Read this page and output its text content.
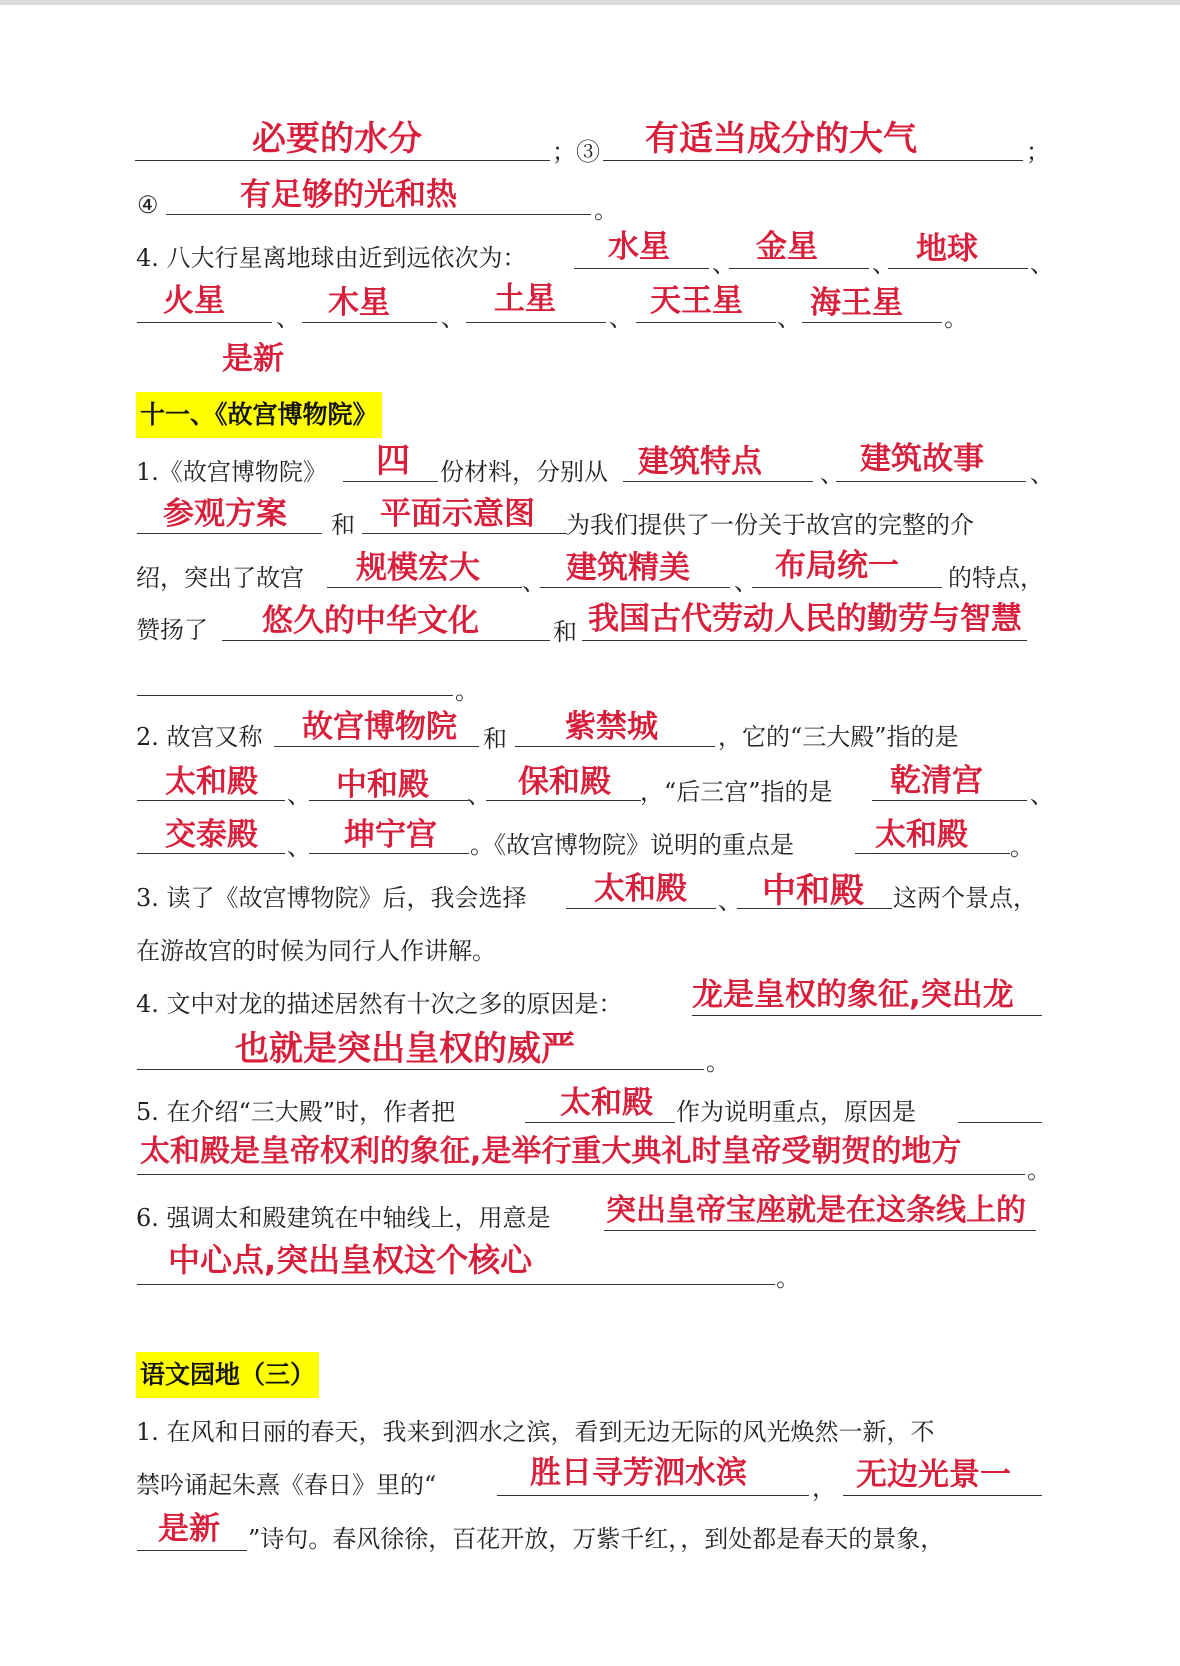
必要的水分	；③ 有适当成分的大气	；
④	有足够的光和热	。
4. 八大行星离地球由近到远依次为：	水星 、 金星 、 地球 、
火星 、 木星 、
土星
、 天王星 、 海王星 。
是新
十一、《故宫博物院》
1.《故宫博物院》 四 份材料，分别从 建筑特点 、 建筑故事 、
参观方案 和 平面示意图 为我们提供了一份关于故宫的完整的介
绍，突出了故宫 规模宏大 、 建筑精美 、 布局统一 的特点，
赞扬了 悠久的中华文化	和 我国古代劳动人民的勤劳与智慧
。
2. 故宫又称 故宫博物院 和 紫禁城	，它的“三大殿”指的是
太和殿 、 中和殿 、 保和殿 ，“后三宫”指的是 乾清宫 、
交泰殿 、 坤宁宫 。《故宫博物院》说明的重点是	太和殿 。
3. 读了《故宫博物院》后，我会选择 太和殿 、 中和殿 这两个景点，
在游故宫的时候为同行人作讲解。
4. 文中对龙的描述居然有十次之多的原因是： 龙是皇权的象征,突出龙
也就是突出皇权的威严	。
5. 在介绍“三大殿”时，作者把	太和殿 作为说明重点，原因是
太和殿是皇帝权利的象征,是举行重大典礼时皇帝受朝贺的地方
。
6. 强调太和殿建筑在中轴线上，用意是 突出皇帝宝座就是在这条线上的
中心点,突出皇权这个核心	。
语文园地（三）
1. 在风和日丽的春天，我来到泗水之滨，看到无边无际的风光焕然一新，不
禁吟诵起朱熹《春日》里的“	胜日寻芳泗水滨	， 无边光景一
是新 ”诗句。春风徐徐，百花开放，万紫千红，，到处都是春天的景象，
